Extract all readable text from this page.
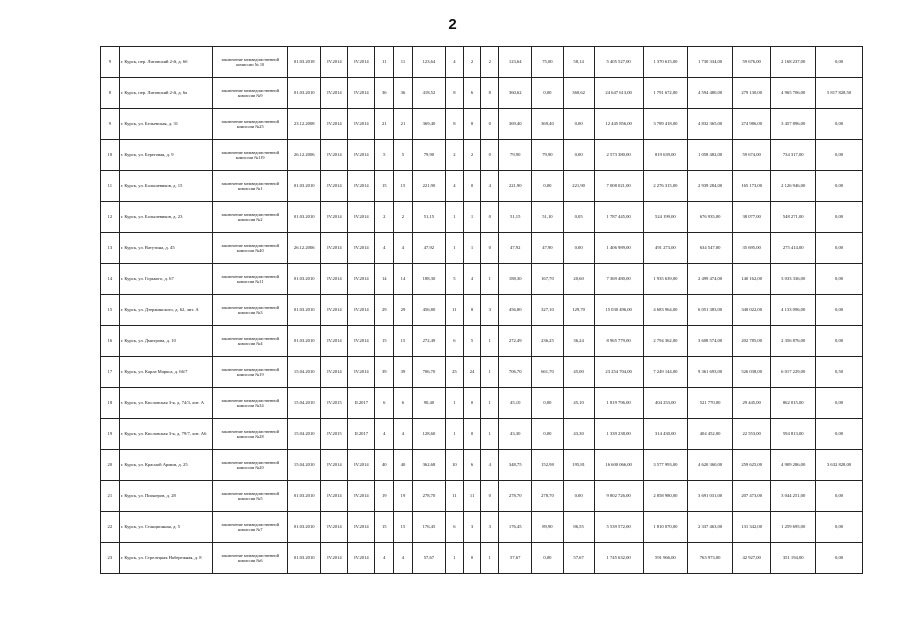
2
9	г. Курск, пер. Литовский 2-й, д. 6б	заключение межведомственной комиссии № 10	01.03.2018	IV.2014	IV.2014	11	11	123,64	4	2	2	123,64	75,00	58,14	5 405 527,00	1 370 615,00	1 730 334,00	59 676,00	2 168 237,00	0,00
8	г. Курск, пер. Литовский 2-й, д. 6а	заключение межведомственной комиссии №9	01.03.2010	IV.2014	IV.2014	36	36	418,52	8	6	8	360,62	0,00	360,62	24 647 613,00	1 791 672,00	4 594 480,00	279 130,00	4 965 706,00	5 817 828,50
9	г. Курск, ул. Бельевская, д. 31	заключение межведомственной комиссии №25	23.12.2008	IV.2014	IV.2014	21	21	369,40	8	8	0	369,40	369,40	0,00	12 445 856,00	3 789 418,00	4 832 365,00	274 986,00	3 457 896,00	0,00
10	г. Курск, ул. Береговая, д. 9	заключение межведомственной комиссии №119	26.12.2006	IV.2014	IV.2014	5	5	79,90	2	2	0	79,90	79,90	0,00	2 573 380,00	819 639,00	1 058 482,00	59 674,00	734 317,00	0,00
11	г. Курск, ул. Большевиков, д. 15	заключение межведомственной комиссии №1	01.03.2010	IV.2014	IV.2014	15	15	221,90	4	0	4	221,90	0,00	221,90	7 008 021,00	2 276 315,00	2 939 284,00	165 173,00	2 126 946,00	0,00
12	г. Курск, ул. Большевиков, д. 23	заключение межведомственной комиссии №2	01.03.2010	IV.2014	IV.2014	2	2	51,15	1	1	0	51,15	51,10	0,05	1 787 445,00	524 199,00	676 935,00	38 077,00	548 271,00	0,00
13	г. Курск, ул. Ватутина, д. 45	заключение межведомственной комиссии №40	26.12.2006	IV.2014	IV.2014	4	4	47,92	1	1	0	47,92	47,90	0,00	1 406 989,00	491 273,00	634 547,00	35 695,00	275 414,00	0,00
14	г. Курск, ул. Горького, д. 67	заключение межведомственной комиссии №11	01.03.2010	IV.2014	IV.2014	14	14	188,30	5	4	1	188,30	167,70	20,60	7 369 480,00	1 935 639,00	2 499 474,00	140 162,00	3 033 336,00	0,00
15	г. Курск, ул. Дзержинского, д. 62, лит. А	заключение межведомственной комиссии №3	01.03.2010	IV.2014	IV.2014	29	29	456,80	11	8	3	456,80	327,10	129,70	15 030 496,00	4 683 964,00	6 051 383,00	340 022,00	4 133 096,00	0,00
16	г. Курск, ул. Дмитрова, д. 10	заключение межведомственной комиссии №4	01.03.2010	IV.2014	IV.2014	15	15	272,49	6	5	1	272,49	236,25	36,24	8 965 779,00	2 794 362,00	3 608 574,00	202 785,00	2 356 876,00	0,00
17	г. Курск, ул. Карла Маркса, д. 66/7	заключение межведомственной комиссии №19	15.04.2010	IV.2014	IV.2014	39	39	706,70	25	24	1	706,70	661,70	45,00	23 254 704,00	7 249 144,00	9 361 693,00	526 038,00	6 017 229,00	0,50
18	г. Курск, ул. Кисловская 3-я, д. 74/3, лит. А	заключение межведомственной комиссии №34	15.04.2010	IV.2015	II.2017	6	6	90,40	1	0	1	45,10	0,00	45,10	1 819 796,00	404 253,00	521 770,00	29 445,00	862 015,00	0,00
19	г. Курск, ул. Кисловская 3-я, д. 79/7, лит. А6	заключение межведомственной комиссии №28	15.04.2010	IV.2015	II.2017	4	4	128,60	1	0	1	43,30	0,00	43,30	1 339 238,00	314 430,00	404 452,00	22 553,00	594 813,00	0,00
20	г. Курск, ул. Красной Армии, д. 25	заключение межведомственной комиссии №20	15.04.2010	IV.2014	IV.2014	40	40	362,68	10	6	4	348,75	152,98	195,81	16 600 066,00	3 577 993,00	4 620 360,00	259 625,00	4 909 286,00	3 632 828,00
21	г. Курск, ул. Пионеров, д. 28	заключение межведомственной комиссии №5	01.03.2010	IV.2014	IV.2014	19	19	278,70	11	11	0	278,70	278,70	0,00	9 802 726,00	2 858 980,00	3 691 031,00	207 473,00	3 044 251,00	0,00
22	г. Курск, ул. Станционная, д. 5	заключение межведомственной комиссии №7	01.03.2010	IV.2014	IV.2014	15	15	176,45	6	3	3	176,45	89,90	86,55	5 539 572,00	1 810 070,00	2 337 463,00	131 342,00	1 259 695,00	0,00
23	г. Курск, ул. Стрелецкая Набережная, д. 8	заключение межведомственной комиссии №6	01.03.2010	IV.2014	IV.2014	4	4	57,67	1	0	1	57,67	0,00	57,67	1 745 632,00	591 966,00	763 973,00	42 927,00	351 194,00	0,00
